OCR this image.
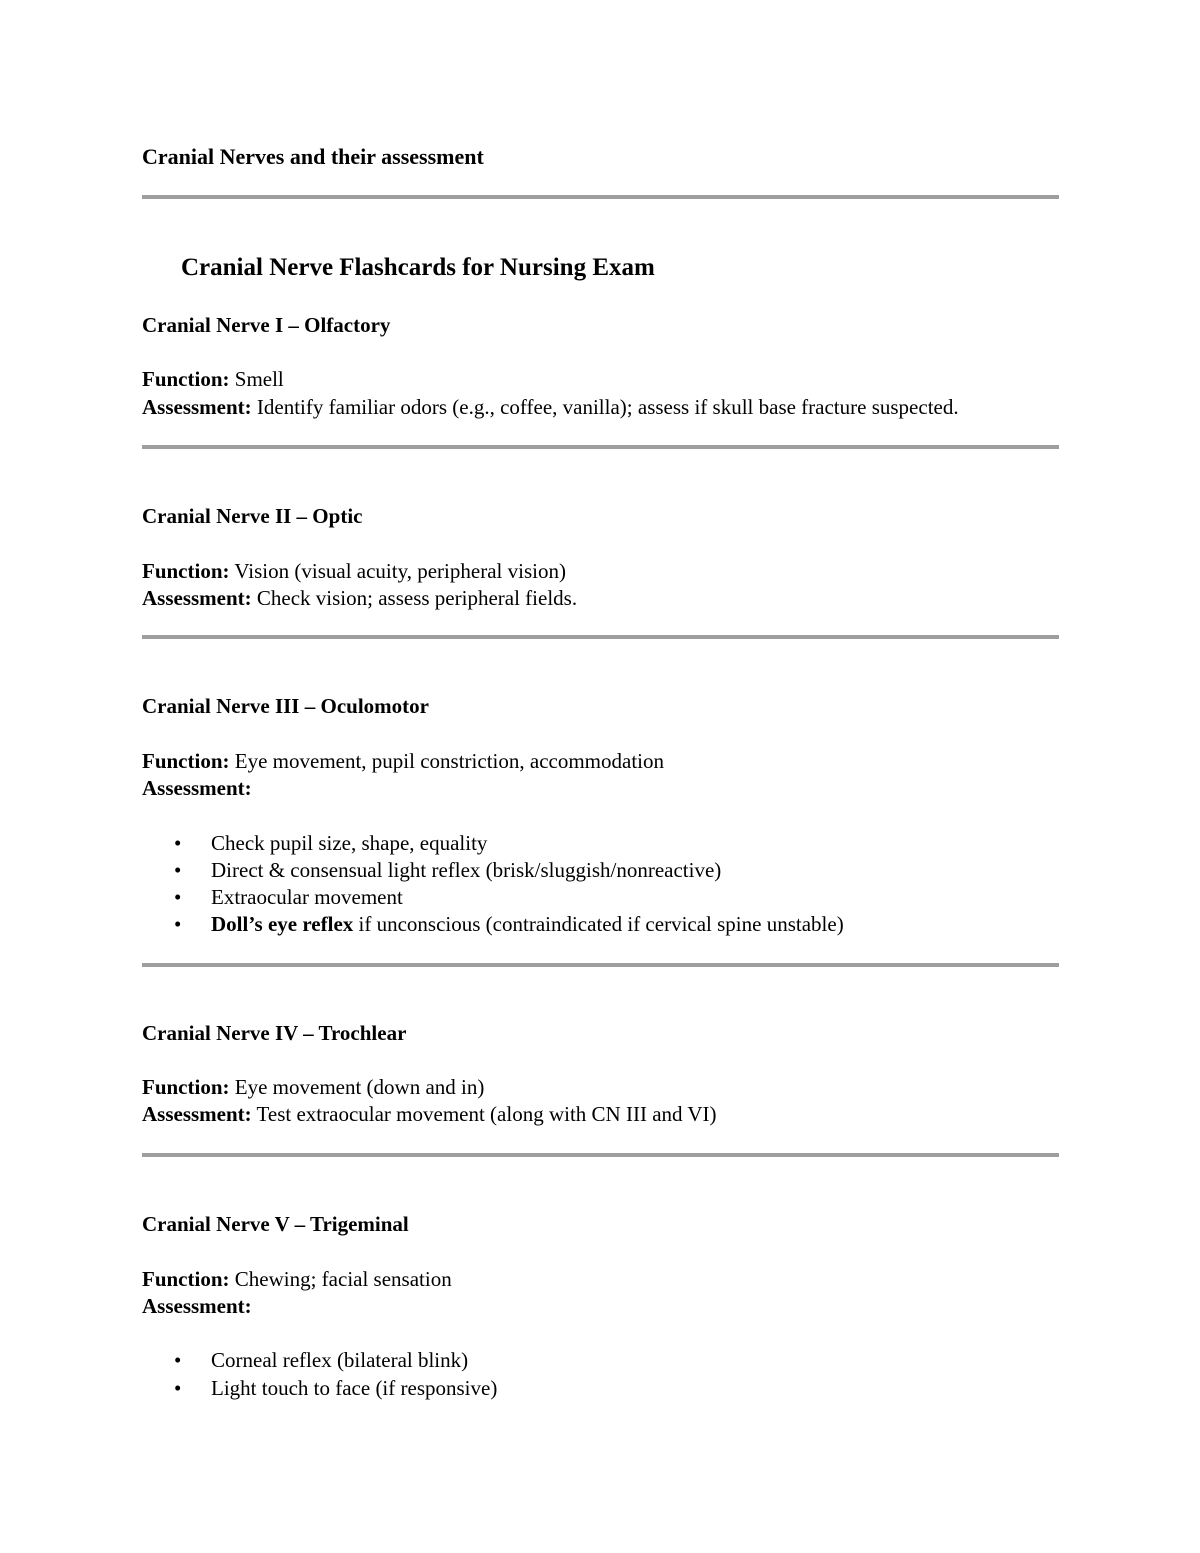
Cranial Nerves and their assessment
Cranial Nerve Flashcards for Nursing Exam
Cranial Nerve I – Olfactory
Function: Smell
Assessment: Identify familiar odors (e.g., coffee, vanilla); assess if skull base fracture suspected.
Cranial Nerve II – Optic
Function: Vision (visual acuity, peripheral vision)
Assessment: Check vision; assess peripheral fields.
Cranial Nerve III – Oculomotor
Function: Eye movement, pupil constriction, accommodation
Assessment:
• Check pupil size, shape, equality
• Direct & consensual light reflex (brisk/sluggish/nonreactive)
• Extraocular movement
• Doll’s eye reflex if unconscious (contraindicated if cervical spine unstable)
Cranial Nerve IV – Trochlear
Function: Eye movement (down and in)
Assessment: Test extraocular movement (along with CN III and VI)
Cranial Nerve V – Trigeminal
Function: Chewing; facial sensation
Assessment:
• Corneal reflex (bilateral blink)
• Light touch to face (if responsive)
